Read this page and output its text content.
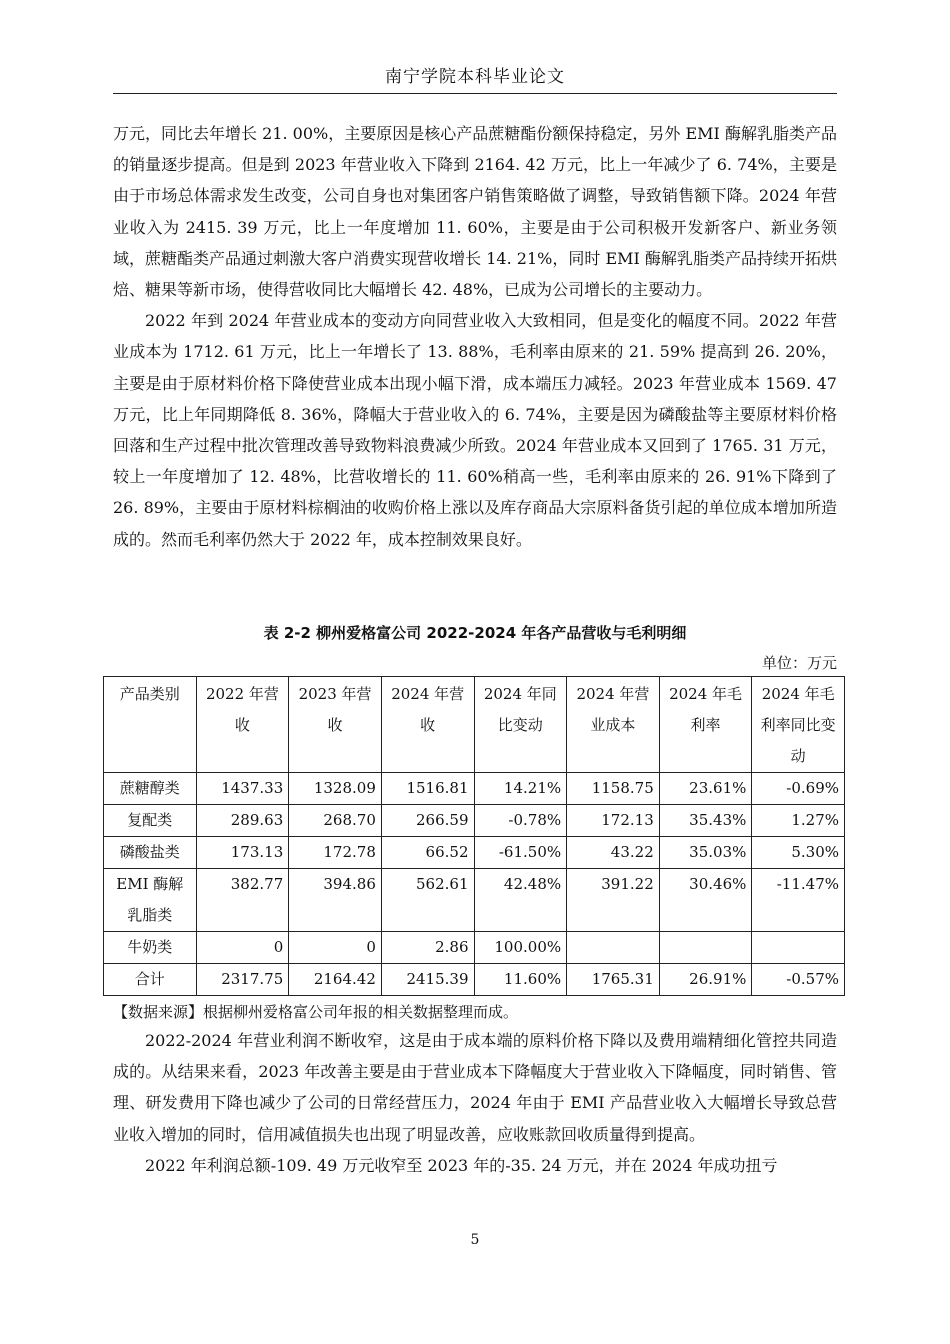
南宁学院本科毕业论文

万元，同比去年增长 21. 00%，主要原因是核心产品蔗糖酯份额保持稳定，另外 EMI 酶解乳脂类产品的销量逐步提高。但是到 2023 年营业收入下降到 2164. 42 万元，比上一年减少了 6. 74%，主要是由于市场总体需求发生改变，公司自身也对集团客户销售策略做了调整，导致销售额下降。2024 年营业收入为 2415. 39 万元，比上一年度增加 11. 60%，主要是由于公司积极开发新客户、新业务领域，蔗糖酯类产品通过刺激大客户消费实现营收增长 14. 21%，同时 EMI 酶解乳脂类产品持续开拓烘焙、糖果等新市场，使得营收同比大幅增长 42. 48%，已成为公司增长的主要动力。

2022 年到 2024 年营业成本的变动方向同营业收入大致相同，但是变化的幅度不同。2022 年营业成本为 1712. 61 万元，比上一年增长了 13. 88%，毛利率由原来的 21. 59% 提高到 26. 20%，主要是由于原材料价格下降使营业成本出现小幅下滑，成本端压力减轻。2023 年营业成本 1569. 47 万元，比上年同期降低 8. 36%，降幅大于营业收入的 6. 74%，主要是因为磷酸盐等主要原材料价格回落和生产过程中批次管理改善导致物料浪费减少所致。2024 年营业成本又回到了 1765. 31 万元，较上一年度增加了 12. 48%，比营收增长的 11. 60%稍高一些，毛利率由原来的 26. 91%下降到了 26. 89%，主要由于原材料棕榈油的收购价格上涨以及库存商品大宗原料备货引起的单位成本增加所造成的。然而毛利率仍然大于 2022 年，成本控制效果良好。

表 2-2 柳州爱格富公司 2022-2024 年各产品营收与毛利明细
单位：万元
产品类别	2022 年营收	2023 年营收	2024 年营收	2024 年同比变动	2024 年营业成本	2024 年毛利率	2024 年毛利率同比变动
蔗糖醇类	1437.33	1328.09	1516.81	14.21%	1158.75	23.61%	-0.69%
复配类	289.63	268.70	266.59	-0.78%	172.13	35.43%	1.27%
磷酸盐类	173.13	172.78	66.52	-61.50%	43.22	35.03%	5.30%
EMI 酶解乳脂类	382.77	394.86	562.61	42.48%	391.22	30.46%	-11.47%
牛奶类	0	0	2.86	100.00%			
合计	2317.75	2164.42	2415.39	11.60%	1765.31	26.91%	-0.57%
【数据来源】根据柳州爱格富公司年报的相关数据整理而成。

2022-2024 年营业利润不断收窄，这是由于成本端的原料价格下降以及费用端精细化管控共同造成的。从结果来看，2023 年改善主要是由于营业成本下降幅度大于营业收入下降幅度，同时销售、管理、研发费用下降也减少了公司的日常经营压力，2024 年由于 EMI 产品营业收入大幅增长导致总营业收入增加的同时，信用减值损失也出现了明显改善，应收账款回收质量得到提高。

2022 年利润总额-109. 49 万元收窄至 2023 年的-35. 24 万元，并在 2024 年成功扭亏

5
